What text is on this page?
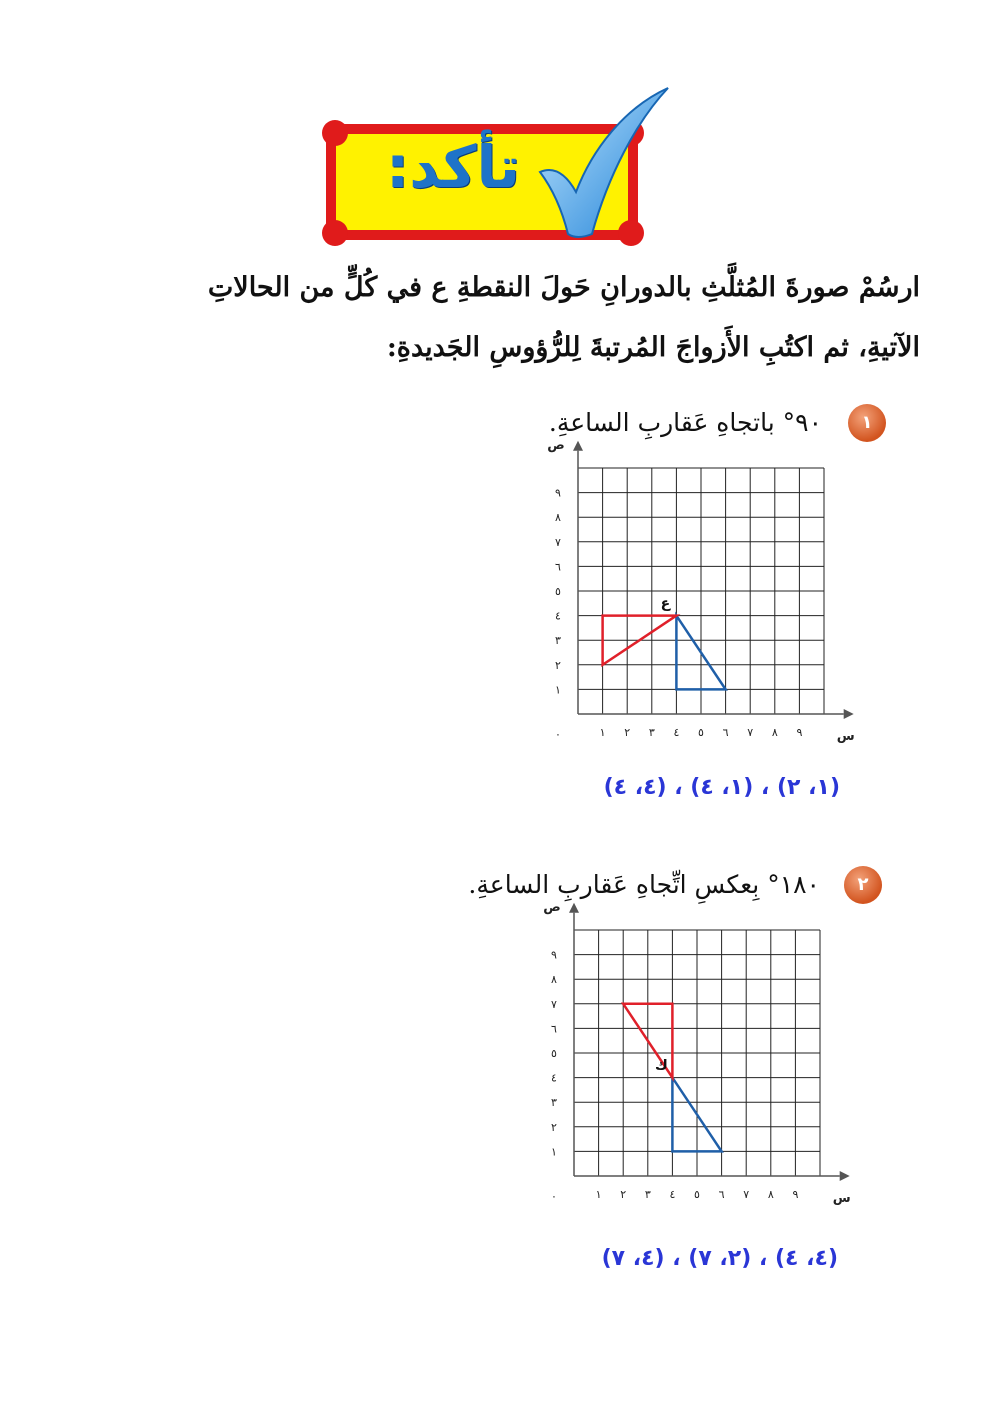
تأكد:
ارسُمْ صورةَ المُثلَّثِ بالدورانِ حَولَ النقطةِ ع في كُلٍّ من الحالاتِ
الآتيةِ، ثم اكتُبِ الأَزواجَ المُرتبةَ لِلرُّؤوسِ الجَديدةِ:
١
٩٠° باتجاهِ عَقاربِ الساعةِ.
١ ٢ ٣ ٤ ٥ ٦ ٧ ٨ ٩
١
٢
٣
٤
٥
٦
٧
٨
٩
٠	س
ص
ع
(١، ٢) ، (١، ٤) ، (٤، ٤)
٢
١٨٠° بِعكسِ اتِّجاهِ عَقاربِ الساعةِ.
١ ٢ ٣ ٤ ٥ ٦ ٧ ٨ ٩
١
٢
٣
٤
٥
٦
٧
٨
٩
٠	س
ص
ك
(٤، ٤) ، (٢، ٧) ، (٤، ٧)
